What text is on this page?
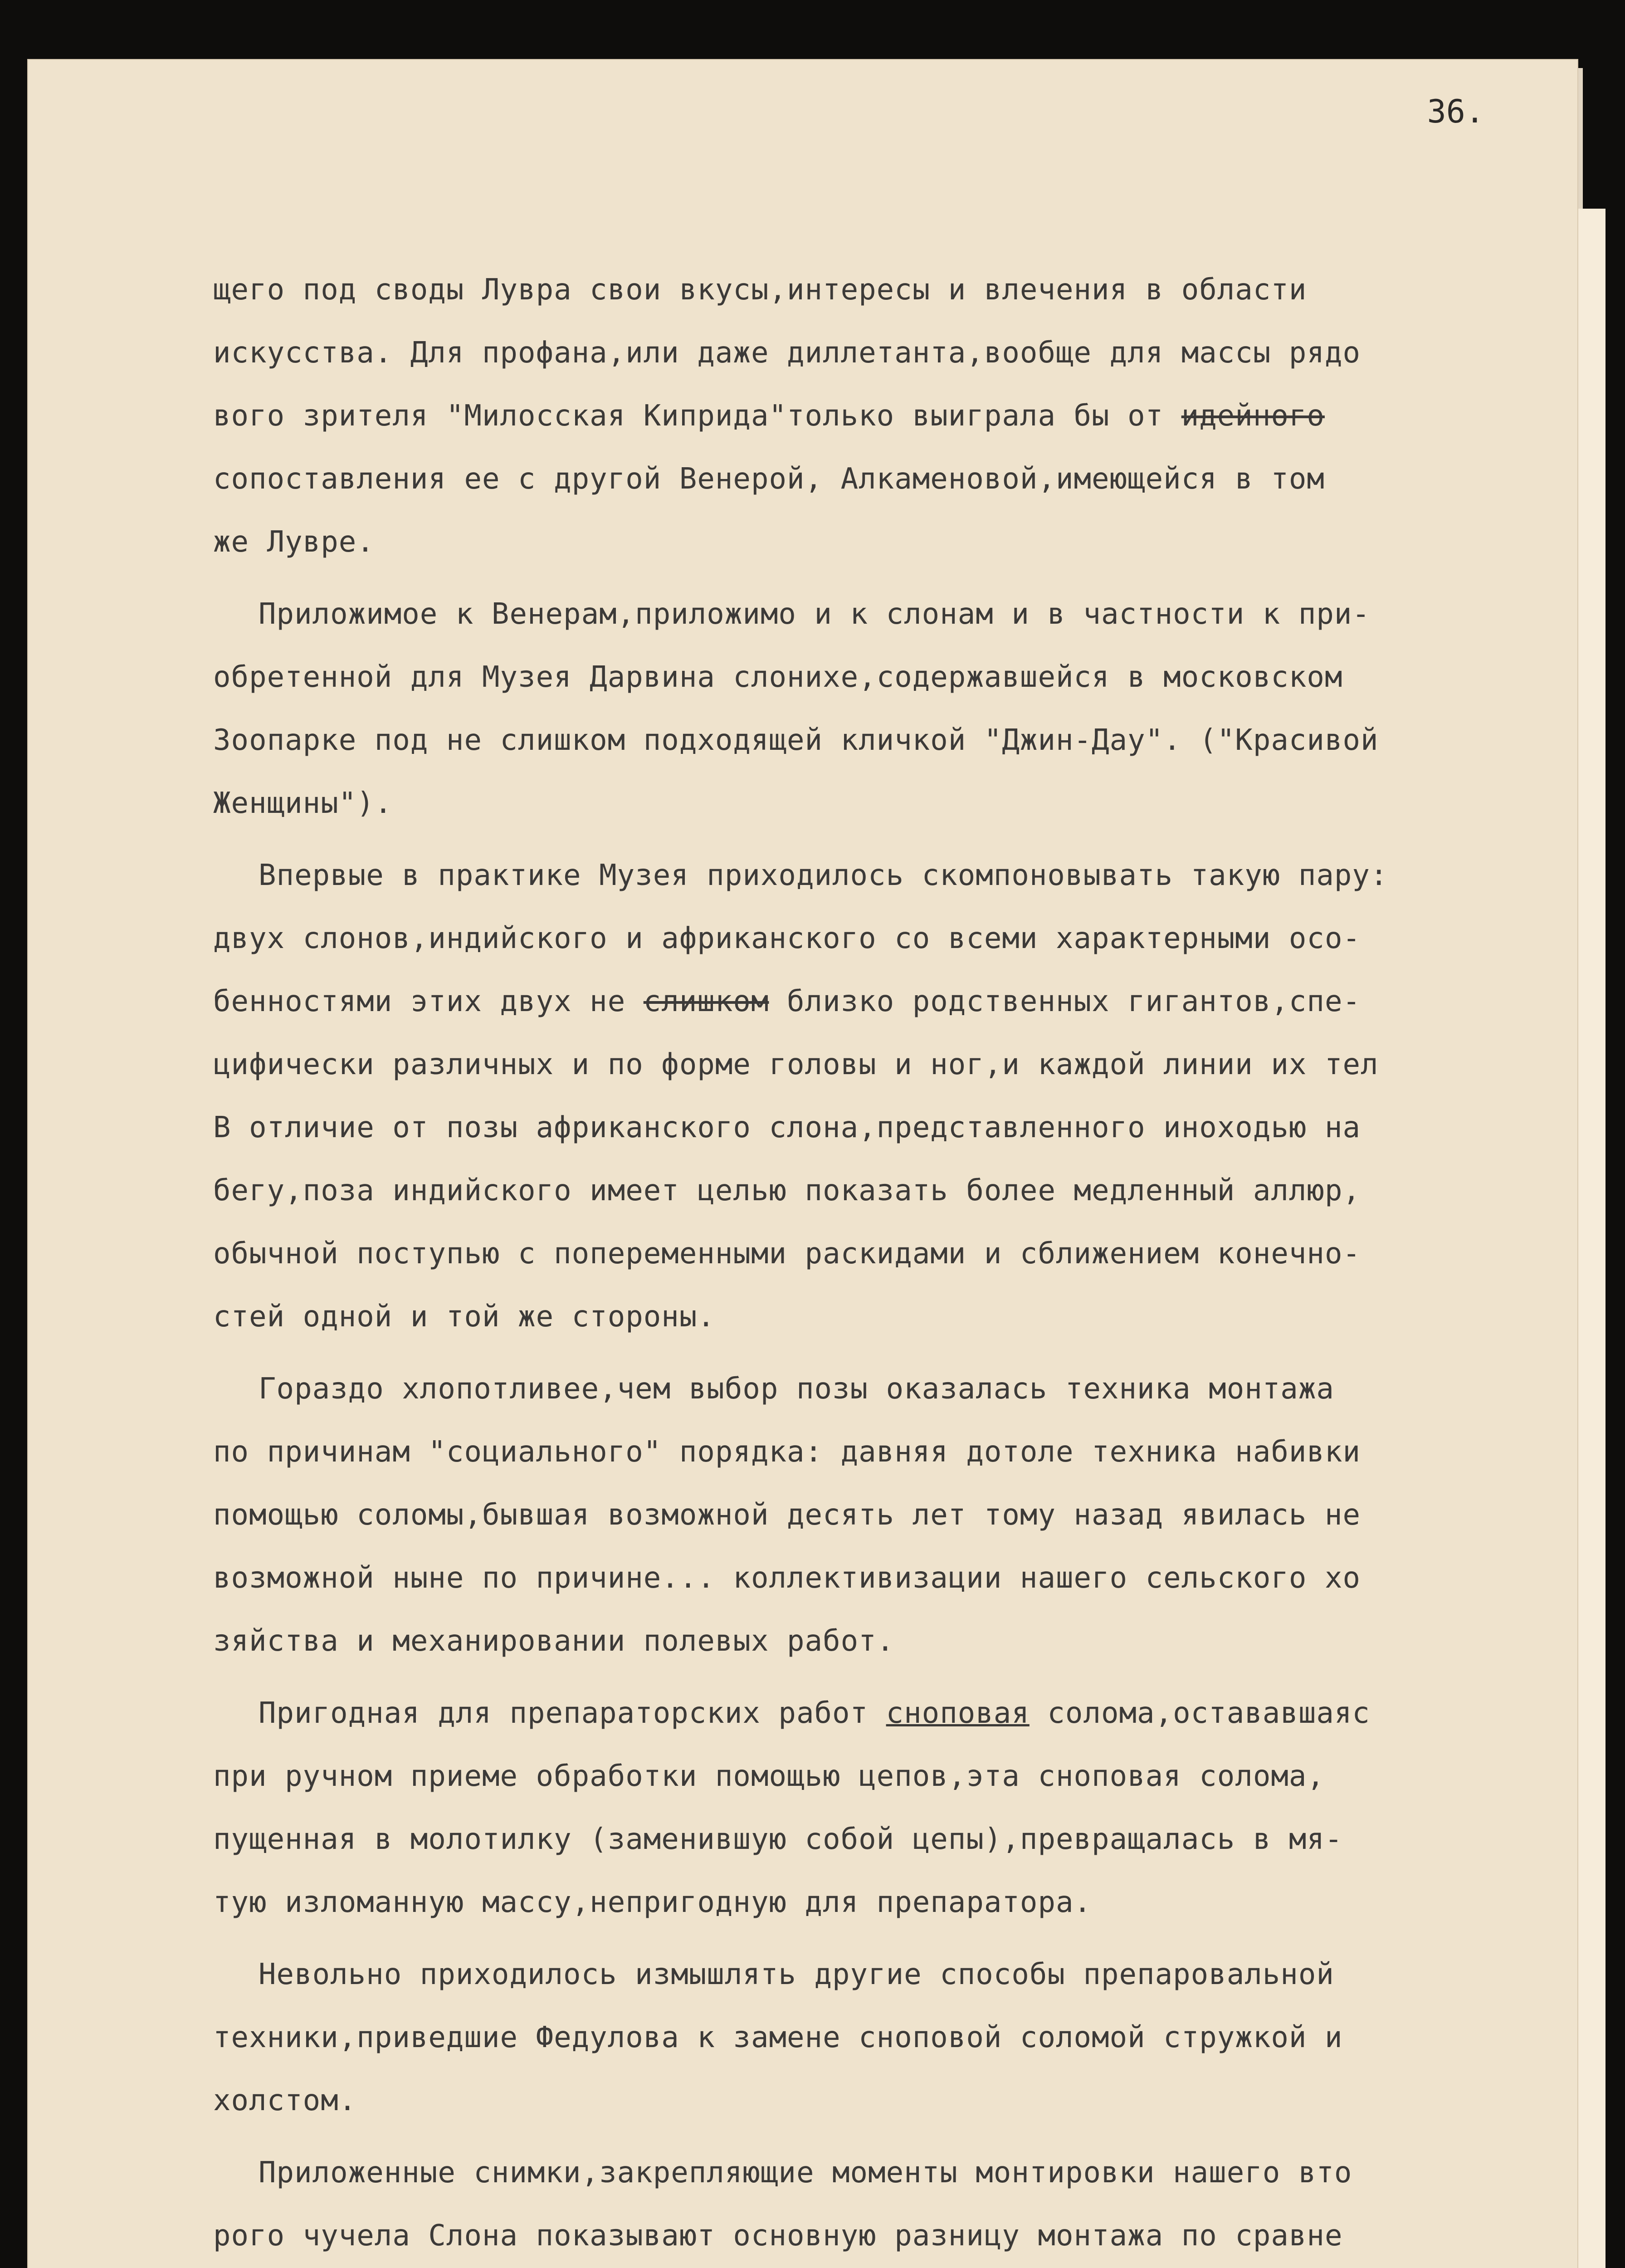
36.
щего под своды Лувра свои вкусы,интересы и влечения в области
искусства. Для профана,или даже диллетанта,вообще для массы рядо
вого зрителя "Милосская Киприда"только выиграла бы от идейного
сопоставления ее с другой Венерой, Алкаменовой,имеющейся в том
же Лувре.
Приложимое к Венерам,приложимо и к слонам и в частности к при-
обретенной для Музея Дарвина слонихе,содержавшейся в московском
Зоопарке под не слишком подходящей кличкой "Джин-Дау". ("Красивой
Женщины").
Впервые в практике Музея приходилось скомпоновывать такую пару:
двух слонов,индийского и африканского со всеми характерными осо-
бенностями этих двух не слишком близко родственных гигантов,спе-
цифически различных и по форме головы и ног,и каждой линии их тел
В отличие от позы африканского слона,представленного иноходью на
бегу,поза индийского имеет целью показать более медленный аллюр,
обычной поступью с попеременными раскидами и сближением конечно-
стей одной и той же стороны.
Гораздо хлопотливее,чем выбор позы оказалась техника монтажа
по причинам "социального" порядка: давняя дотоле техника набивки
помощью соломы,бывшая возможной десять лет тому назад явилась не
возможной ныне по причине... коллективизации нашего сельского хо
зяйства и механировании полевых работ.
Пригодная для препараторских работ сноповая солома,остававшаяс
при ручном приеме обработки помощью цепов,эта сноповая солома,
пущенная в молотилку (заменившую собой цепы),превращалась в мя-
тую изломанную массу,непригодную для препаратора.
Невольно приходилось измышлять другие способы препаровальной
техники,приведшие Федулова к замене сноповой соломой стружкой и
холстом.
Приложенные снимки,закрепляющие моменты монтировки нашего вто
рого чучела Слона показывают основную разницу монтажа по сравне
